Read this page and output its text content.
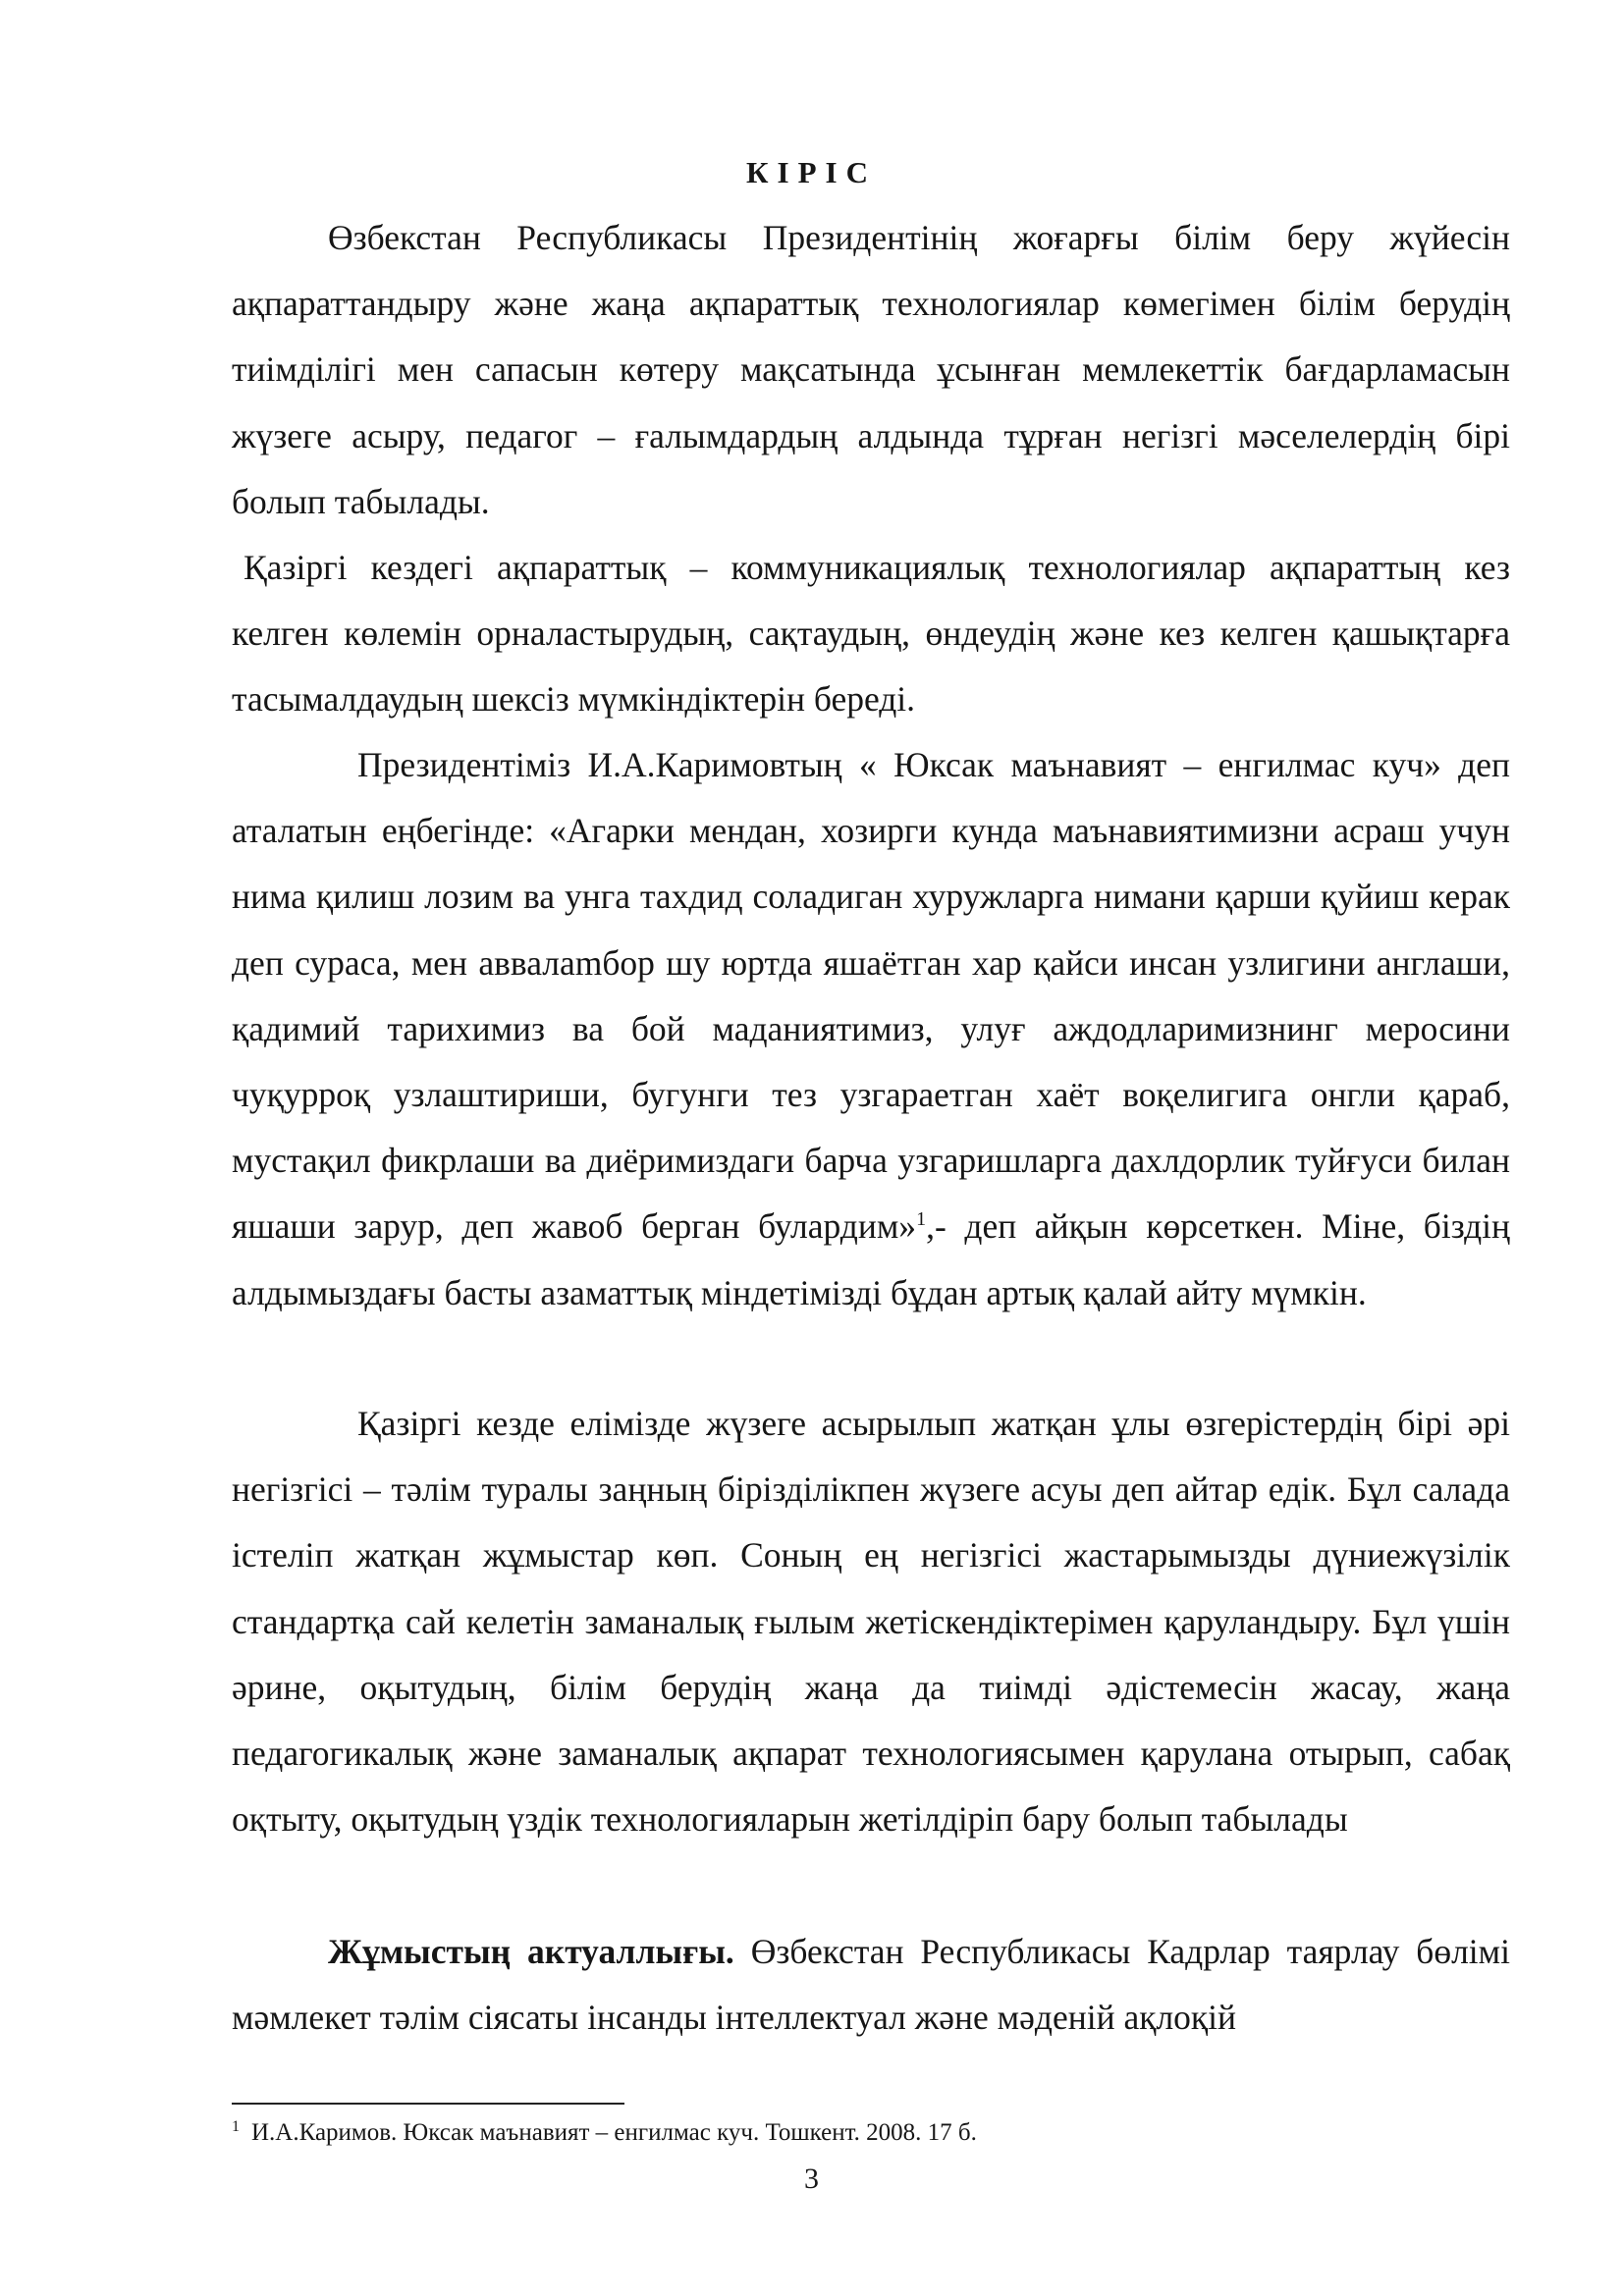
КІРІС

Өзбекстан Республикасы Президентінің жоғарғы білім беру жүйесін ақпараттандыру және жаңа ақпараттық технологиялар көмегімен білім берудің тиімділігі мен сапасын көтеру мақсатында ұсынған мемлекеттік бағдарламасын жүзеге асыру, педагог – ғалымдардың алдында тұрған негізгі мәселелердің бірі болып табылады.

Қазіргі кездегі ақпараттық – коммуникациялық технологиялар ақпараттың кез келген көлемін орналастырудың, сақтаудың, өндеудің және кез келген қашықтарға тасымалдаудың шексіз мүмкіндіктерін береді.

Президентіміз И.А.Каримовтың « Юксак маънавият – енгилмас куч» деп аталатын еңбегінде: «Агарки мендан, хозирги кунда маънавиятимизни асраш учун нима қилиш лозим ва унга тахдид соладиган хуружларга нимани қарши қуйиш керак деп сураса, мен аввалamбор шу юртда яшаётган хар қайси инсан узлигини англаши, қадимий тарихимиз ва бой маданиятимиз, улуғ аждодларимизнинг меросини чуқурроқ узлаштириши, бугунги тез узгараетган хаёт воқелигига онгли қараб, мустақил фикрлаши ва диёримиздаги барча узгаришларга дахлдорлик туйғуси билан яшаши зарур, деп жавоб берган булардим»$^1$,- деп айқын көрсеткен. Міне, біздің алдымыздағы басты азаматтық міндетімізді бұдан артық қалай айту мүмкін.

Қазіргі кезде елімізде жүзеге асырылып жатқан ұлы өзгерістердің бірі әрі негізгісі – тәлім туралы заңның бірізділікпен жүзеге асуы деп айтар едік. Бұл салада істеліп жатқан жұмыстар көп. Соның ең негізгісі жастарымызды дүниежүзілік стандартқа сай келетін заманалық ғылым жетіскендіктерімен қаруландыру. Бұл үшін әрине, оқытудың, білім берудің жаңа да тиімді әдістемесін жасау, жаңа педагогикалық және заманалық ақпарат технологиясымен қарулана отырып, сабақ оқтыту, оқытудың үздік технологияларын жетілдіріп бару болып табылады

Жұмыстың актуаллығы. Өзбекстан Республикасы Кадрлар таярлау бөлімі мәмлекет тәлім сіясаты інсанды інтеллектуал және мәденій ақлоқій

$^1$ И.А.Каримов. Юксак маънавият – енгилмас куч. Тошкент. 2008. 17 б.
3
